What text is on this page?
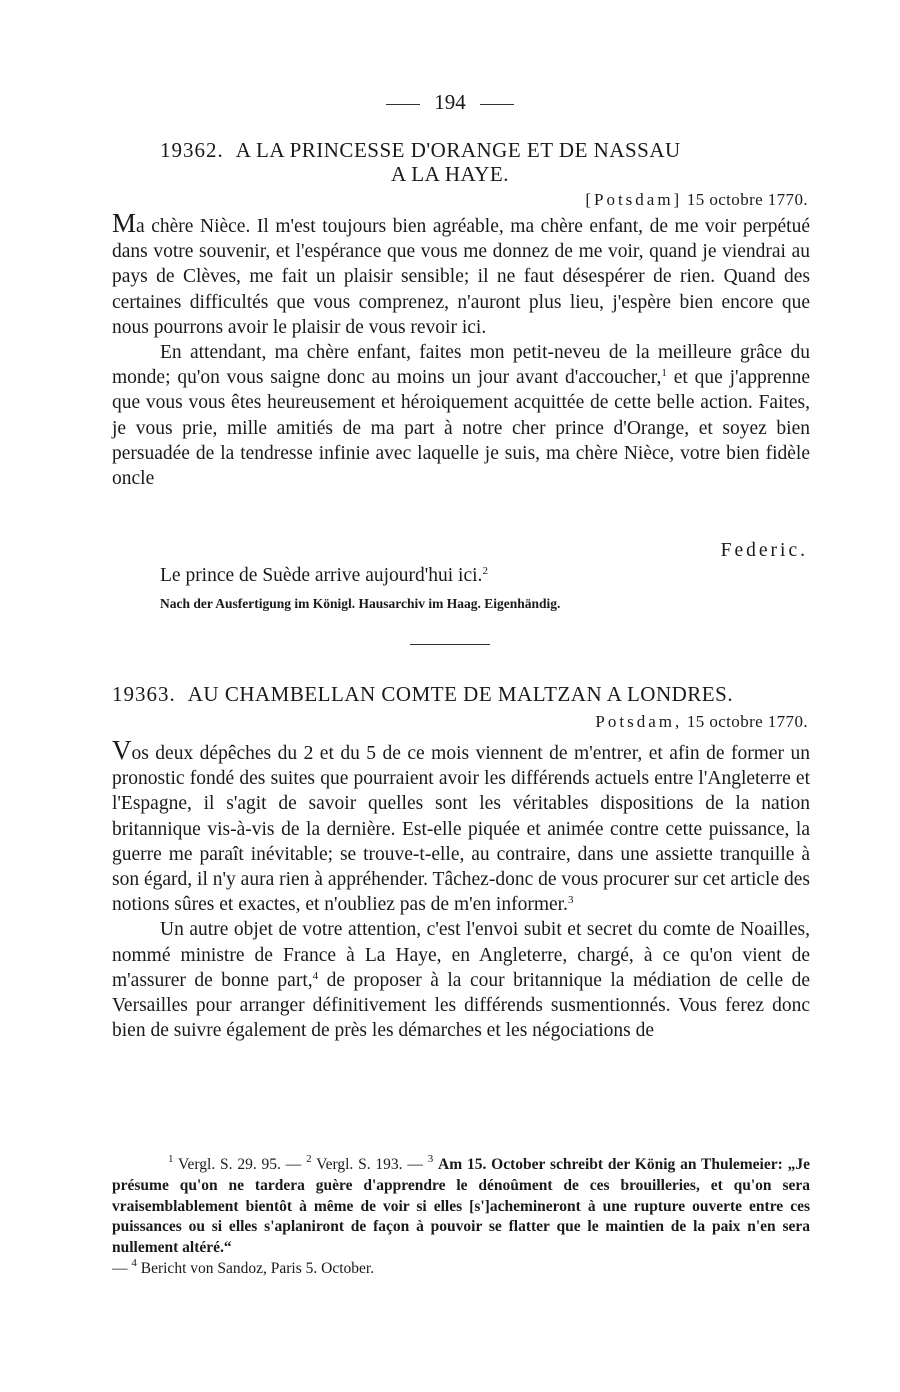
194
19362. A LA PRINCESSE D'ORANGE ET DE NASSAU
A LA HAYE.
[Potsdam] 15 octobre 1770.

Ma chère Nièce. Il m'est toujours bien agréable, ma chère enfant, de me voir perpétué dans votre souvenir, et l'espérance que vous me donnez de me voir, quand je viendrai au pays de Clèves, me fait un plaisir sensible; il ne faut désespérer de rien. Quand des certaines difficultés que vous comprenez, n'auront plus lieu, j'espère bien encore que nous pourrons avoir le plaisir de vous revoir ici.

En attendant, ma chère enfant, faites mon petit-neveu de la meilleure grâce du monde; qu'on vous saigne donc au moins un jour avant d'accoucher,$^1$ et que j'apprenne que vous vous êtes heureusement et héroiquement acquittée de cette belle action. Faites, je vous prie, mille amitiés de ma part à notre cher prince d'Orange, et soyez bien persuadée de la tendresse infinie avec laquelle je suis, ma chère Nièce, votre bien fidèle oncle

Federic.
Le prince de Suède arrive aujourd'hui ici.$^2$
Nach der Ausfertigung im Königl. Hausarchiv im Haag. Eigenhändig.
19363. AU CHAMBELLAN COMTE DE MALTZAN A LONDRES.
Potsdam, 15 octobre 1770.

Vos deux dépêches du 2 et du 5 de ce mois viennent de m'entrer, et afin de former un pronostic fondé des suites que pourraient avoir les différends actuels entre l'Angleterre et l'Espagne, il s'agit de savoir quelles sont les véritables dispositions de la nation britannique vis-à-vis de la dernière. Est-elle piquée et animée contre cette puissance, la guerre me paraît inévitable; se trouve-t-elle, au contraire, dans une assiette tranquille à son égard, il n'y aura rien à appréhender. Tâchez-donc de vous procurer sur cet article des notions sûres et exactes, et n'oubliez pas de m'en informer.$^3$

Un autre objet de votre attention, c'est l'envoi subit et secret du comte de Noailles, nommé ministre de France à La Haye, en Angleterre, chargé, à ce qu'on vient de m'assurer de bonne part,$^4$ de proposer à la cour britannique la médiation de celle de Versailles pour arranger définitivement les différends susmentionnés. Vous ferez donc bien de suivre également de près les démarches et les négociations de

$^1$ Vergl. S. 29. 95. — $^2$ Vergl. S. 193. — $^3$ Am 15. October schreibt der König an Thulemeier: „Je présume qu'on ne tardera guère d'apprendre le dénoûment de ces brouilleries, et qu'on sera vraisemblablement bientôt à même de voir si elles [s']achemineront à une rupture ouverte entre ces puissances ou si elles s'aplaniront de façon à pouvoir se flatter que le maintien de la paix n'en sera nullement altéré.“
— $^4$ Bericht von Sandoz, Paris 5. October.
